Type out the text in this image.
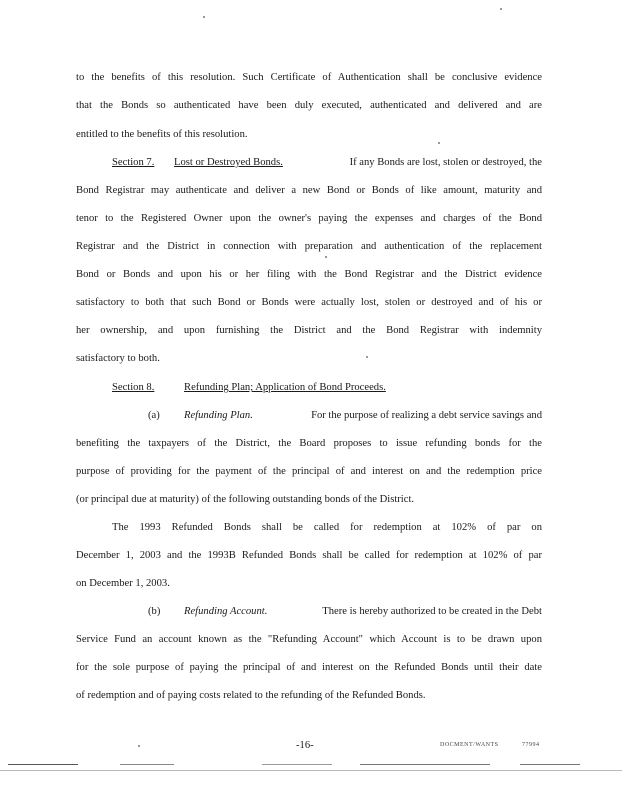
to the benefits of this resolution. Such Certificate of Authentication shall be conclusive evidence
that the Bonds so authenticated have been duly executed, authenticated and delivered and are
entitled to the benefits of this resolution.
Section 7. Lost or Destroyed Bonds.	If any Bonds are lost, stolen or destroyed, the
Bond Registrar may authenticate and deliver a new Bond or Bonds of like amount, maturity and
tenor to the Registered Owner upon the owner's paying the expenses and charges of the Bond
Registrar and the District in connection with preparation and authentication of the replacement
Bond or Bonds and upon his or her filing with the Bond Registrar and the District evidence
satisfactory to both that such Bond or Bonds were actually lost, stolen or destroyed and of his or
her ownership, and upon furnishing the District and the Bond Registrar with indemnity
satisfactory to both.
Section 8.	Refunding Plan; Application of Bond Proceeds.
(a) Refunding Plan.	For the purpose of realizing a debt service savings and
benefiting the taxpayers of the District, the Board proposes to issue refunding bonds for the
purpose of providing for the payment of the principal of and interest on and the redemption price
(or principal due at maturity) of the following outstanding bonds of the District.
The 1993 Refunded Bonds shall be called for redemption at 102% of par on
December 1, 2003 and the 1993B Refunded Bonds shall be called for redemption at 102% of par
on December 1, 2003.
(b) Refunding Account.	There is hereby authorized to be created in the Debt
Service Fund an account known as the "Refunding Account" which Account is to be drawn upon
for the sole purpose of paying the principal of and interest on the Refunded Bonds until their date
of redemption and of paying costs related to the refunding of the Refunded Bonds.
-16-	DOCMENT/WANTS	77994
